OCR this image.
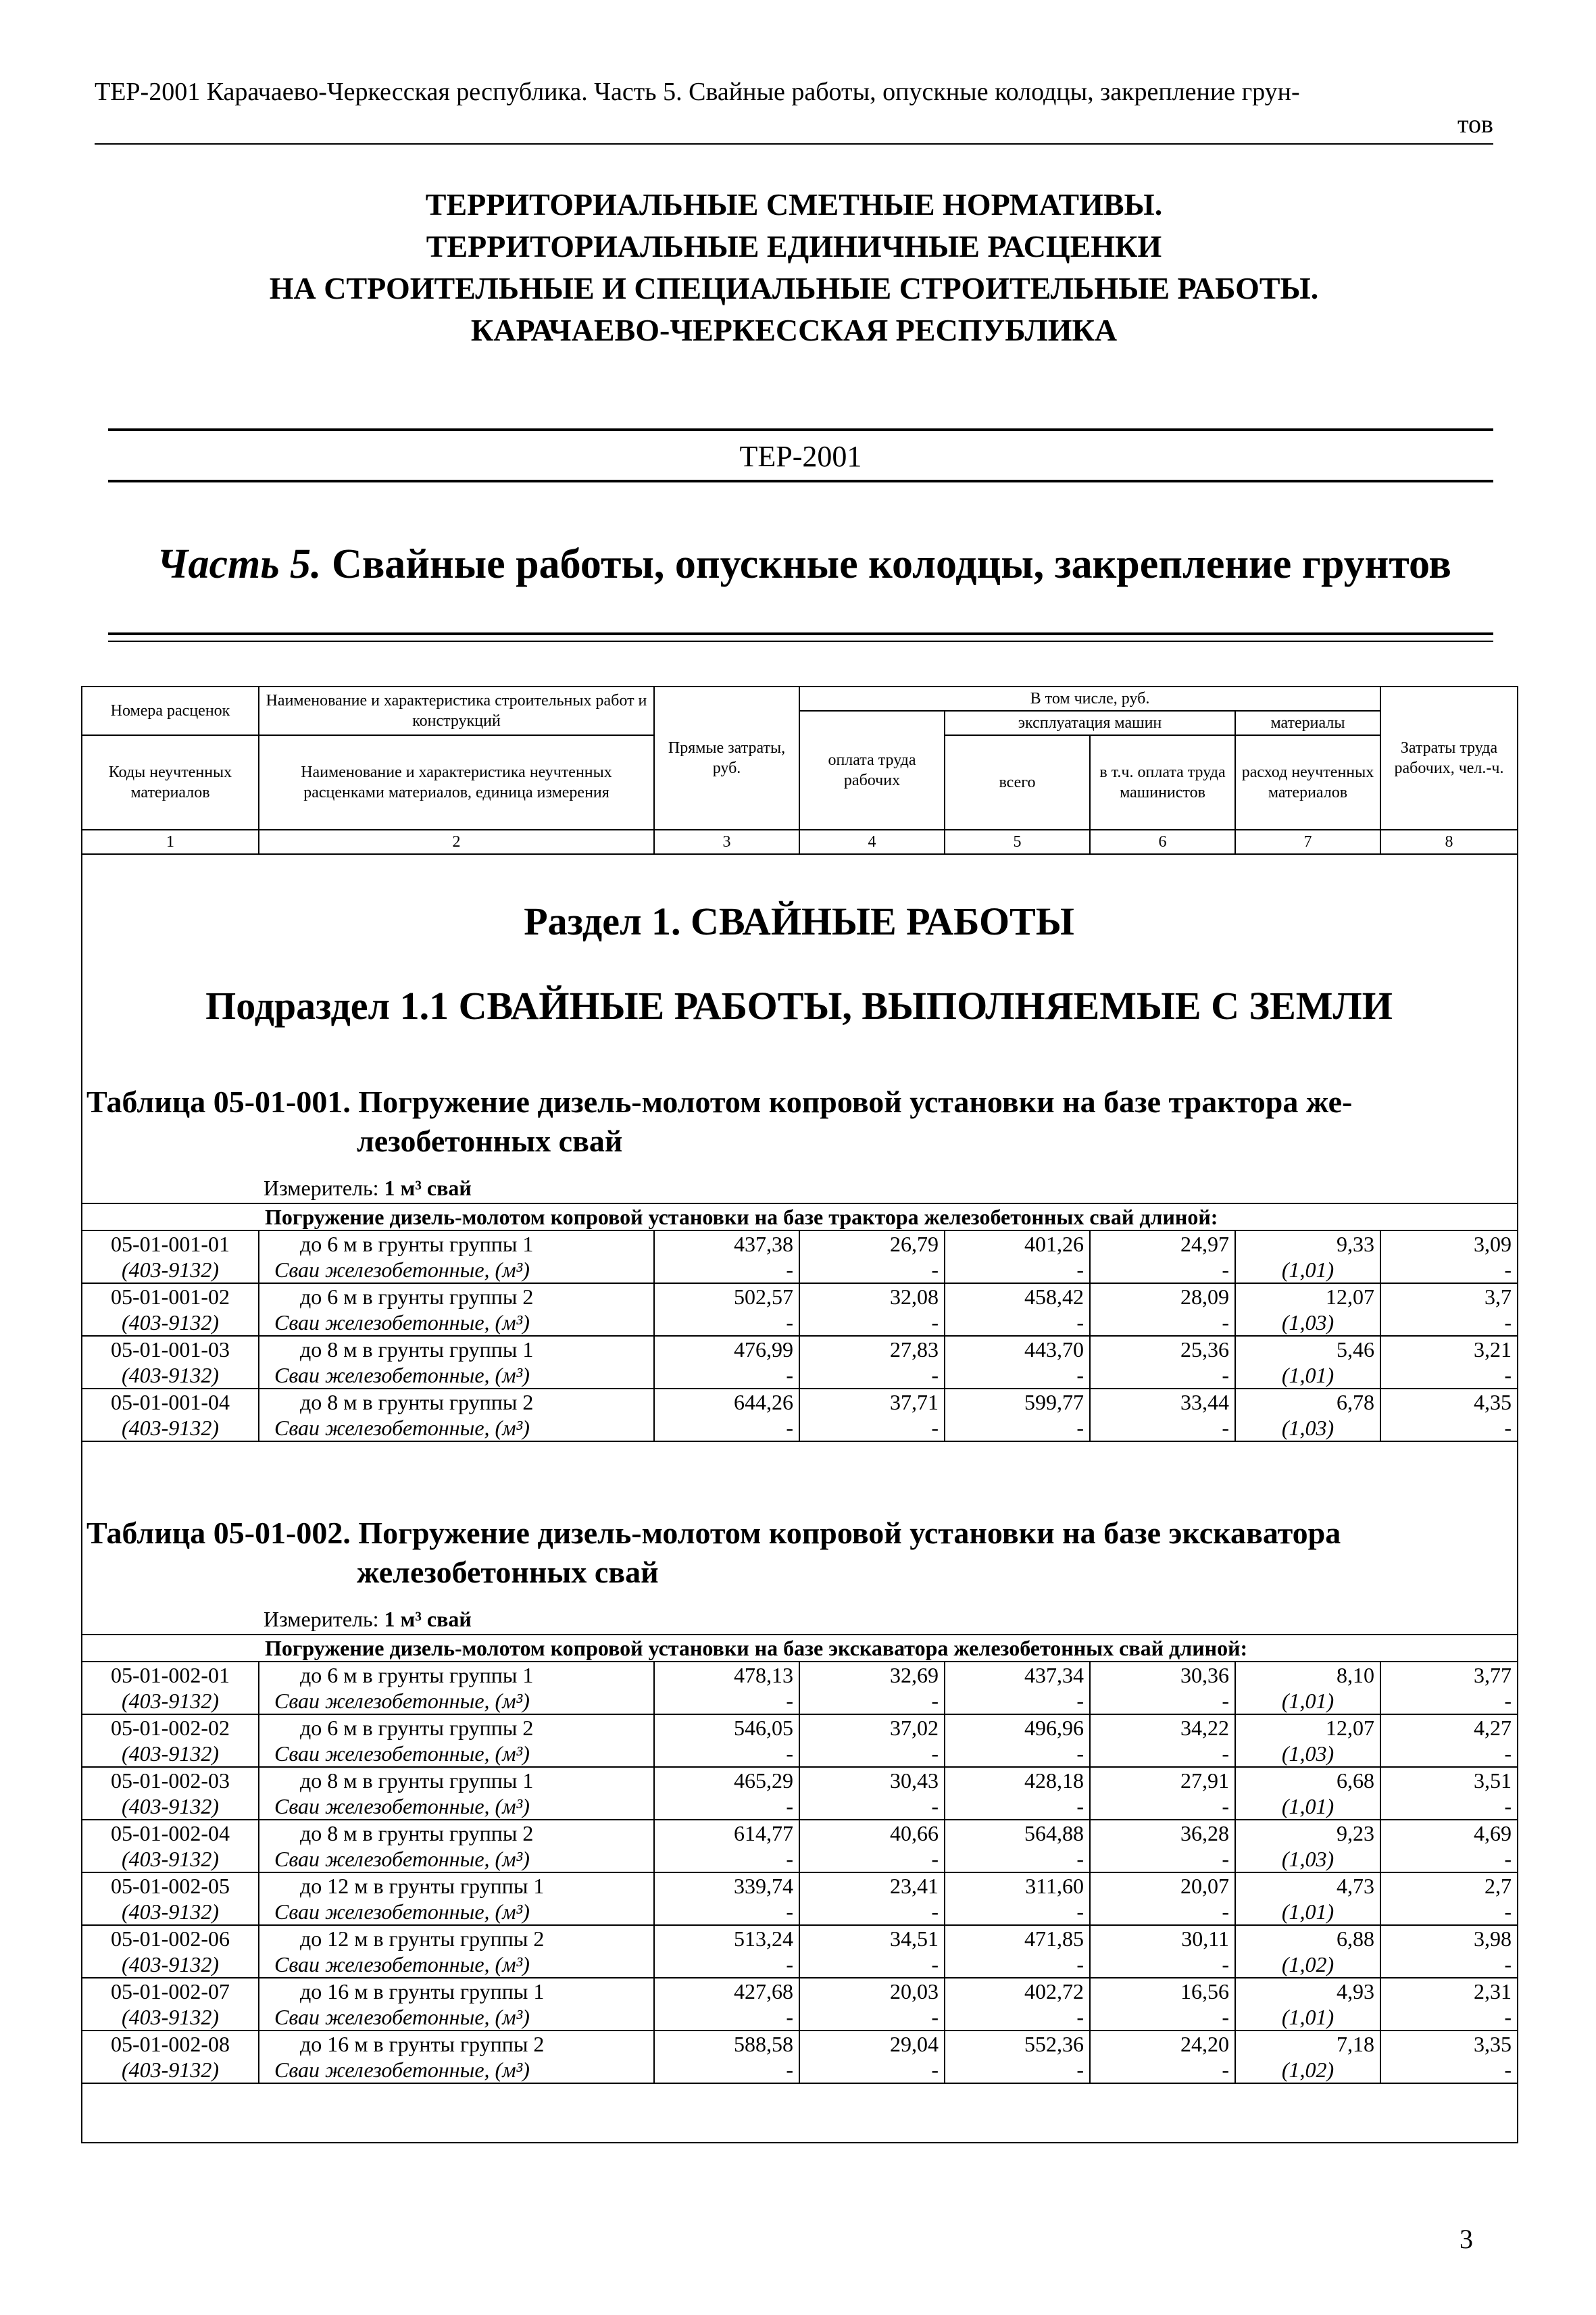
ТЕР-2001 Карачаево-Черкесская республика. Часть 5. Свайные работы, опускные колодцы, закрепление грун-
тов
ТЕРРИТОРИАЛЬНЫЕ СМЕТНЫЕ НОРМАТИВЫ.
ТЕРРИТОРИАЛЬНЫЕ ЕДИНИЧНЫЕ РАСЦЕНКИ
НА СТРОИТЕЛЬНЫЕ И СПЕЦИАЛЬНЫЕ СТРОИТЕЛЬНЫЕ РАБОТЫ.
КАРАЧАЕВО-ЧЕРКЕССКАЯ РЕСПУБЛИКА
ТЕР-2001
Часть 5. Свайные работы, опускные колодцы, закрепление грунтов
Номера расценок	Наименование и характеристика строительных работ и конструкций	Прямые затраты, руб.	В том числе, руб.				Затраты труда рабочих, чел.-ч.
			оплата труда рабочих	эксплуатация машин		материалы	
Коды неучтенных материалов	Наименование и характеристика неучтенных расценками материалов, единица измерения			всего	в т.ч. оплата труда машинистов	расход неучтенных материалов	

1	2	3	4	5	6	7	8
Раздел 1. СВАЙНЫЕ РАБОТЫ
Подраздел 1.1 СВАЙНЫЕ РАБОТЫ, ВЫПОЛНЯЕМЫЕ С ЗЕМЛИ
Таблица 05-01-001. Погружение дизель-молотом копровой установки на базе трактора же-
лезобетонных свай
Измеритель: 1 м³ свай
Погружение дизель-молотом копровой установки на базе трактора железобетонных свай длиной:							
05-01-001-01	до 6 м в грунты группы 1	437,38	26,79	401,26	24,97	9,33	3,09
(403-9132)	Сваи железобетонные, (м³)	-	-	-	-	(1,01)	-
05-01-001-02	до 6 м в грунты группы 2	502,57	32,08	458,42	28,09	12,07	3,7
(403-9132)	Сваи железобетонные, (м³)	-	-	-	-	(1,03)	-
05-01-001-03	до 8 м в грунты группы 1	476,99	27,83	443,70	25,36	5,46	3,21
(403-9132)	Сваи железобетонные, (м³)	-	-	-	-	(1,01)	-
05-01-001-04	до 8 м в грунты группы 2	644,26	37,71	599,77	33,44	6,78	4,35
(403-9132)	Сваи железобетонные, (м³)	-	-	-	-	(1,03)	-
Таблица 05-01-002. Погружение дизель-молотом копровой установки на базе экскаватора
железобетонных свай
Измеритель: 1 м³ свай
Погружение дизель-молотом копровой установки на базе экскаватора железобетонных свай длиной:							
05-01-002-01	до 6 м в грунты группы 1	478,13	32,69	437,34	30,36	8,10	3,77
(403-9132)	Сваи железобетонные, (м³)	-	-	-	-	(1,01)	-
05-01-002-02	до 6 м в грунты группы 2	546,05	37,02	496,96	34,22	12,07	4,27
(403-9132)	Сваи железобетонные, (м³)	-	-	-	-	(1,03)	-
05-01-002-03	до 8 м в грунты группы 1	465,29	30,43	428,18	27,91	6,68	3,51
(403-9132)	Сваи железобетонные, (м³)	-	-	-	-	(1,01)	-
05-01-002-04	до 8 м в грунты группы 2	614,77	40,66	564,88	36,28	9,23	4,69
(403-9132)	Сваи железобетонные, (м³)	-	-	-	-	(1,03)	-
05-01-002-05	до 12 м в грунты группы 1	339,74	23,41	311,60	20,07	4,73	2,7
(403-9132)	Сваи железобетонные, (м³)	-	-	-	-	(1,01)	-
05-01-002-06	до 12 м в грунты группы 2	513,24	34,51	471,85	30,11	6,88	3,98
(403-9132)	Сваи железобетонные, (м³)	-	-	-	-	(1,02)	-
05-01-002-07	до 16 м в грунты группы 1	427,68	20,03	402,72	16,56	4,93	2,31
(403-9132)	Сваи железобетонные, (м³)	-	-	-	-	(1,01)	-
05-01-002-08	до 16 м в грунты группы 2	588,58	29,04	552,36	24,20	7,18	3,35
(403-9132)	Сваи железобетонные, (м³)	-	-	-	-	(1,02)	-
3
